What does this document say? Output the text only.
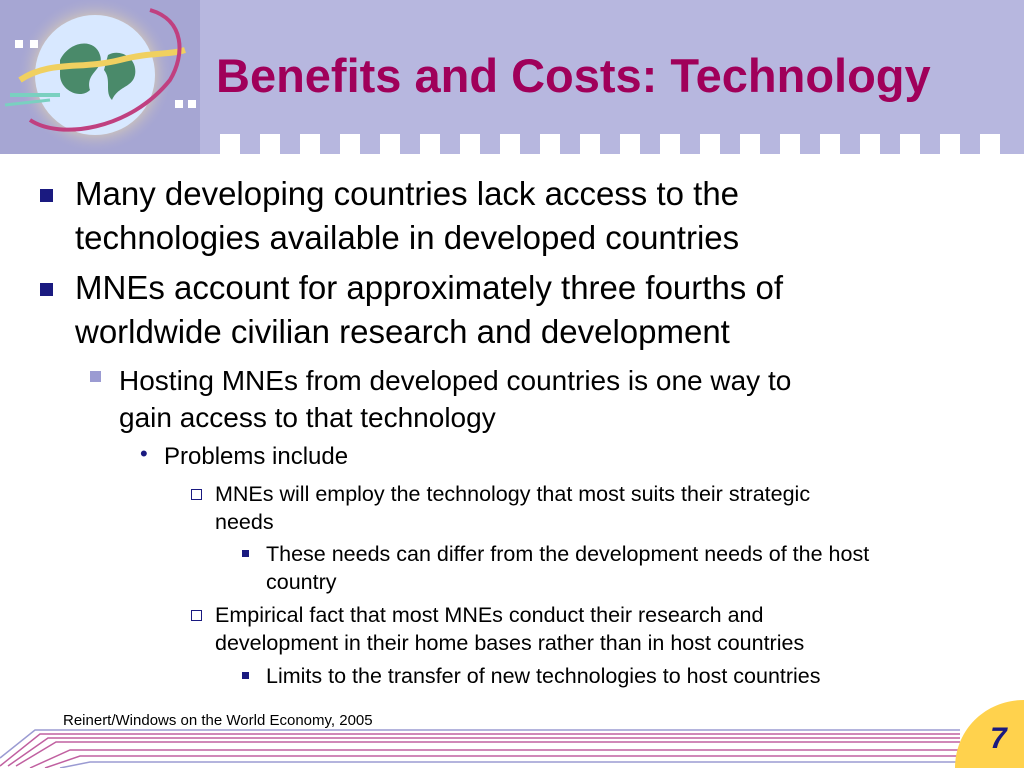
Benefits and Costs: Technology
Many developing countries lack access to the
technologies available in developed countries
MNEs account for approximately three fourths of
worldwide civilian research and development
Hosting MNEs from developed countries is one way to
gain access to that technology
• Problems include
MNEs will employ the technology that most suits their strategic
needs
These needs can differ from the development needs of the host
country
Empirical fact that most MNEs conduct their research and
development in their home bases rather than in host countries
Limits to the transfer of new technologies to host countries
Reinert/Windows on the World Economy, 2005
7
